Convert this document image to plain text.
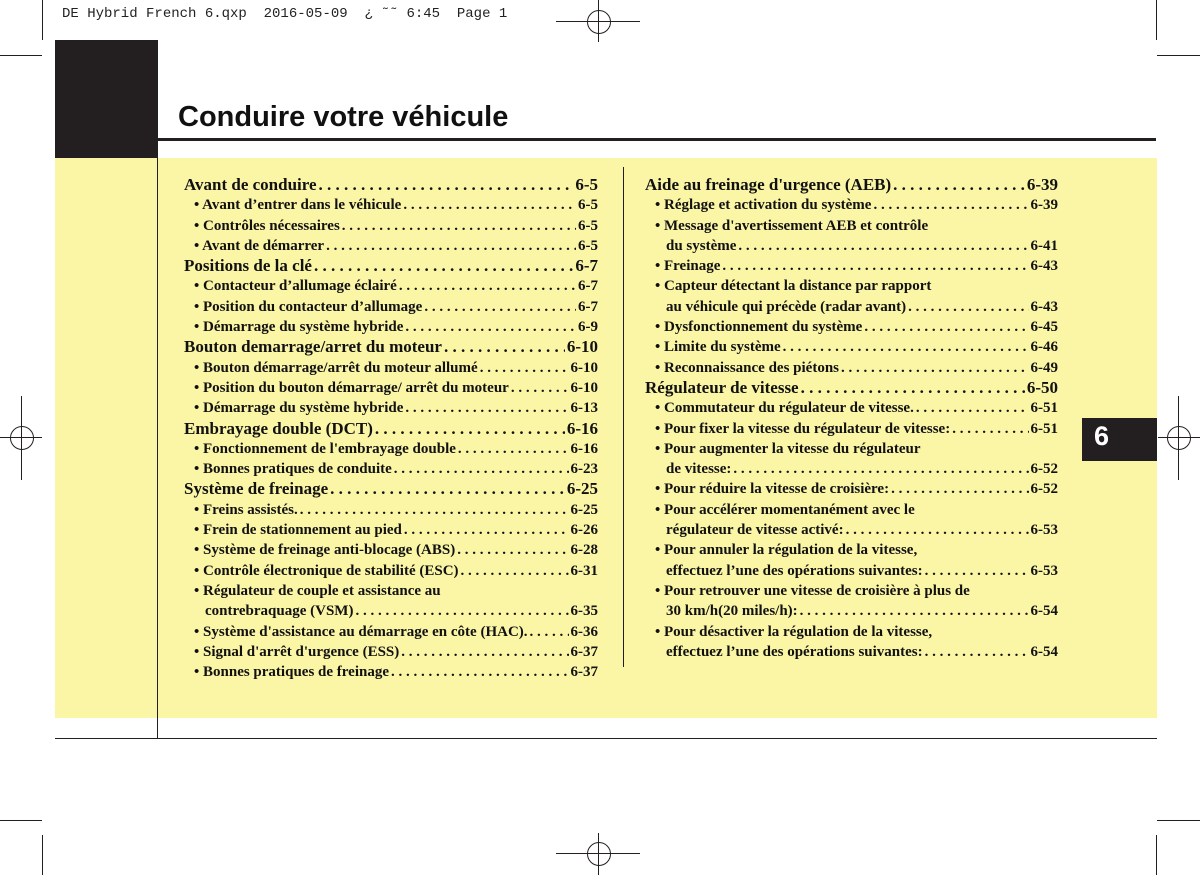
DE Hybrid French 6.qxp  2016-05-09  ¿ ˜˜ 6:45  Page 1
Conduire votre véhicule
6
Avant de conduire . . .	6-5
• Avant d’entrer dans le véhicule . . .	6-5
• Contrôles nécessaires . . .	6-5
• Avant de démarrer . . .	6-5
Positions de la clé . . .	6-7
• Contacteur d’allumage éclairé . . .	6-7
• Position du contacteur d’allumage . . .	6-7
• Démarrage du système hybride . . .	6-9
Bouton demarrage/arret du moteur . . .	6-10
• Bouton démarrage/arrêt du moteur allumé . . .	6-10
• Position du bouton démarrage/ arrêt du moteur . . .	6-10
• Démarrage du système hybride . . .	6-13
Embrayage double (DCT) . . .	6-16
• Fonctionnement de l'embrayage double . . .	6-16
• Bonnes pratiques de conduite . . .	6-23
Système de freinage . . .	6-25
• Freins assistés. . . .	6-25
• Frein de stationnement au pied . . .	6-26
• Système de freinage anti-blocage (ABS) . . .	6-28
• Contrôle électronique de stabilité (ESC) . . .	6-31
• Régulateur de couple et assistance au
contrebraquage (VSM) . . .	6-35
• Système d'assistance au démarrage en côte (HAC). . . .	6-36
• Signal d'arrêt d'urgence (ESS) . . .	6-37
• Bonnes pratiques de freinage . . .	6-37
Aide au freinage d'urgence (AEB) . . .	6-39
• Réglage et activation du système . . .	6-39
• Message d'avertissement AEB et contrôle
du système . . .	6-41
• Freinage . . .	6-43
• Capteur détectant la distance par rapport
au véhicule qui précède (radar avant) . . .	6-43
• Dysfonctionnement du système . . .	6-45
• Limite du système . . .	6-46
• Reconnaissance des piétons . . .	6-49
Régulateur de vitesse . . .	6-50
• Commutateur du régulateur de vitesse. . . .	6-51
• Pour fixer la vitesse du régulateur de vitesse: . . .	6-51
• Pour augmenter la vitesse du régulateur
de vitesse: . . .	6-52
• Pour réduire la vitesse de croisière: . . .	6-52
• Pour accélérer momentanément avec le
régulateur de vitesse activé: . . .	6-53
• Pour annuler la régulation de la vitesse,
effectuez l’une des opérations suivantes: . . .	6-53
• Pour retrouver une vitesse de croisière à plus de
30 km/h(20 miles/h): . . .	6-54
• Pour désactiver la régulation de la vitesse,
effectuez l’une des opérations suivantes: . . .	6-54
